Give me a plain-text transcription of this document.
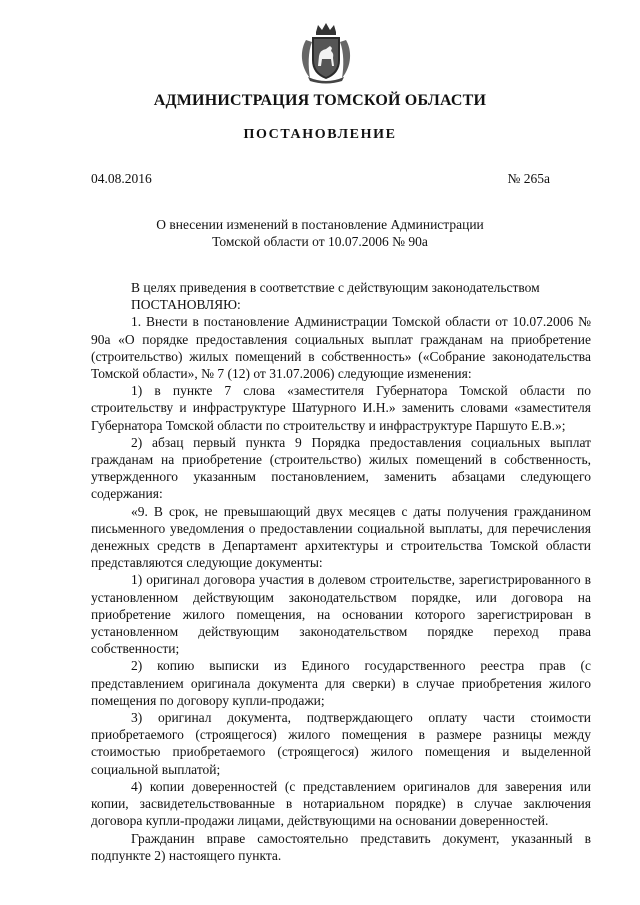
АДМИНИСТРАЦИЯ ТОМСКОЙ ОБЛАСТИ
ПОСТАНОВЛЕНИЕ
04.08.2016	№ 265а
О внесении изменений в постановление Администрации
Томской области от 10.07.2006 № 90а

В целях приведения в соответствие с действующим законодательством

ПОСТАНОВЛЯЮ:

1. Внести в постановление Администрации Томской области от 10.07.2006 № 90а «О порядке предоставления социальных выплат гражданам на приобретение (строительство) жилых помещений в собственность» («Собрание законодательства Томской области», № 7 (12) от 31.07.2006) следующие изменения:

1) в пункте 7 слова «заместителя Губернатора Томской области по строительству и инфраструктуре Шатурного И.Н.» заменить словами «заместителя Губернатора Томской области по строительству и инфраструктуре Паршуто Е.В.»;

2) абзац первый пункта 9 Порядка предоставления социальных выплат гражданам на приобретение (строительство) жилых помещений в собственность, утвержденного указанным постановлением, заменить абзацами следующего содержания:

«9. В срок, не превышающий двух месяцев с даты получения гражданином письменного уведомления о предоставлении социальной выплаты, для перечисления денежных средств в Департамент архитектуры и строительства Томской области представляются следующие документы:

1) оригинал договора участия в долевом строительстве, зарегистрированного в установленном действующим законодательством порядке, или договора на приобретение жилого помещения, на основании которого зарегистрирован в установленном действующим законодательством порядке переход права собственности;

2) копию выписки из Единого государственного реестра прав (с представлением оригинала документа для сверки) в случае приобретения жилого помещения по договору купли-продажи;

3) оригинал документа, подтверждающего оплату части стоимости приобретаемого (строящегося) жилого помещения в размере разницы между стоимостью приобретаемого (строящегося) жилого помещения и выделенной социальной выплатой;

4) копии доверенностей (с представлением оригиналов для заверения или копии, засвидетельствованные в нотариальном порядке) в случае заключения договора купли-продажи лицами, действующими на основании доверенностей.

Гражданин вправе самостоятельно представить документ, указанный в подпункте 2) настоящего пункта.
